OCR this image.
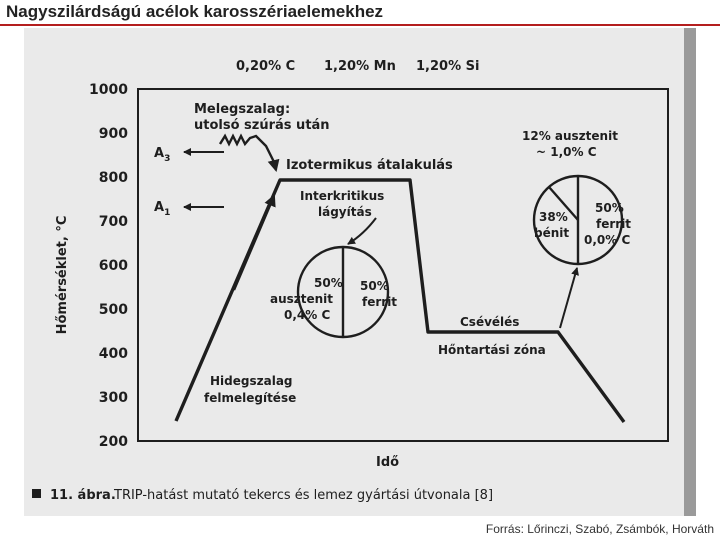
Nagyszilárdságú acélok karosszériaelemekhez
0,20% C 1,20% Mn 1,20% Si
1000
900
800
700
600
500
400
300
200
Hőmérséklet, °C
Idő
$A_3$
$A_1$
Melegszalag:
utolsó szúrás után
Izotermikus átalakulás
Interkritikus
lágyítás
50%
ausztenit
0,4% C
50%
ferrit
Csévélés
Hőntartási zóna
12% ausztenit
~ 1,0% C
38%
bénit
50%
ferrit
0,0% C
Hidegszalag
felmelegítése
11. ábra.
TRIP-hatást mutató tekercs és lemez gyártási útvonala [8]
Forrás: Lőrinczi, Szabó, Zsámbók, Horváth
